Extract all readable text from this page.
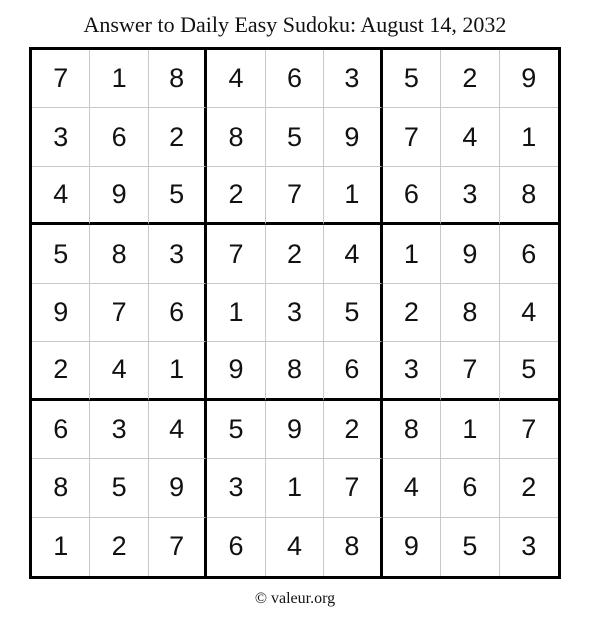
Answer to Daily Easy Sudoku: August 14, 2032
7	1	8	4	6	3	5	2	9
3	6	2	8	5	9	7	4	1
4	9	5	2	7	1	6	3	8
5	8	3	7	2	4	1	9	6
9	7	6	1	3	5	2	8	4
2	4	1	9	8	6	3	7	5
6	3	4	5	9	2	8	1	7
8	5	9	3	1	7	4	6	2
1	2	7	6	4	8	9	5	3
© valeur.org
